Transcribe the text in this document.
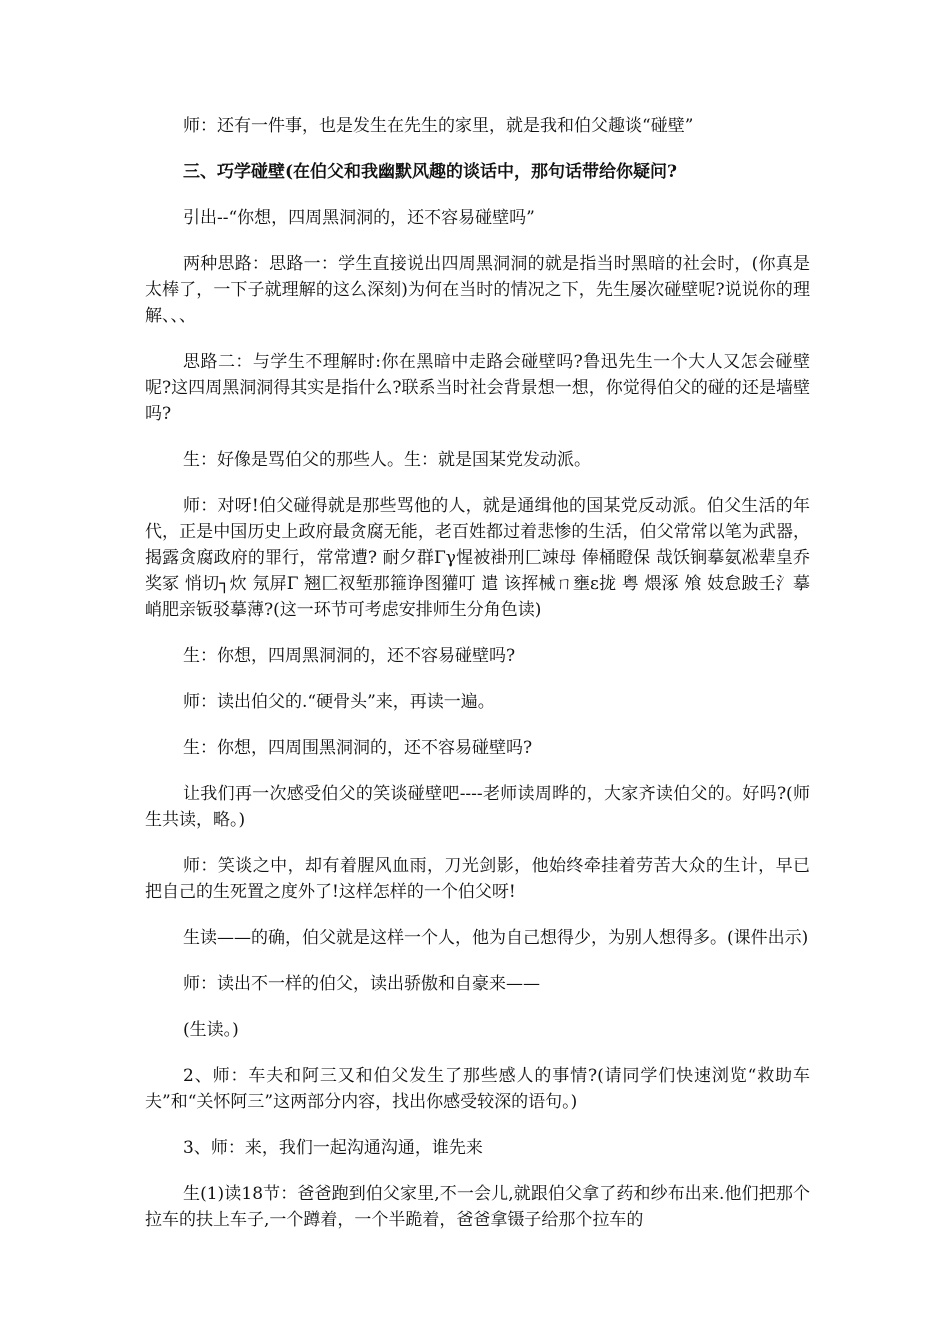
师：还有一件事，也是发生在先生的家里，就是我和伯父趣谈“碰壁”

三、巧学碰壁(在伯父和我幽默风趣的谈话中，那句话带给你疑问?

引出--“你想，四周黑洞洞的，还不容易碰壁吗”

两种思路：思路一：学生直接说出四周黑洞洞的就是指当时黑暗的社会时，(你真是太棒了，一下子就理解的这么深刻)为何在当时的情况之下，先生屡次碰壁呢?说说你的理解、、、

思路二：与学生不理解时:你在黑暗中走路会碰壁吗?鲁迅先生一个大人又怎会碰壁呢?这四周黑洞洞得其实是指什么?联系当时社会背景想一想，你觉得伯父的碰的还是墙壁吗?

生：好像是骂伯父的那些人。生：就是国某党发动派。

师：对呀!伯父碰得就是那些骂他的人，就是通缉他的国某党反动派。伯父生活的年代，正是中国历史上政府最贪腐无能，老百姓都过着悲惨的生活，伯父常常以笔为武器，揭露贪腐政府的罪行，常常遭? 耐夕群Γγ惺被褂刑匚竦母 俸桶瞪保 哉饫锏摹氨凇辈皇乔奖冢 悄切┐炊 氖屏Γ 翘匚衩堑那箍诤图獾叮 遣 该挥械ㄇ壅ε拢 粤 煨涿 飧 妓怠跛壬氵摹峭肥亲钣驳摹薄?(这一环节可考虑安排师生分角色读)

生：你想，四周黑洞洞的，还不容易碰壁吗?

师：读出伯父的.“硬骨头”来，再读一遍。

生：你想，四周围黑洞洞的，还不容易碰壁吗?

让我们再一次感受伯父的笑谈碰壁吧----老师读周晔的，大家齐读伯父的。好吗?(师生共读，略。)

师：笑谈之中，却有着腥风血雨，刀光剑影，他始终牵挂着劳苦大众的生计，早已把自己的生死置之度外了!这样怎样的一个伯父呀!

生读——的确，伯父就是这样一个人，他为自己想得少，为别人想得多。(课件出示)

师：读出不一样的伯父，读出骄傲和自豪来——

(生读。)

2、师：车夫和阿三又和伯父发生了那些感人的事情?(请同学们快速浏览“救助车夫”和“关怀阿三”这两部分内容，找出你感受较深的语句。)

3、师：来，我们一起沟通沟通，谁先来

生(1)读18节：爸爸跑到伯父家里,不一会儿,就跟伯父拿了药和纱布出来.他们把那个拉车的扶上车子,一个蹲着，一个半跪着，爸爸拿镊子给那个拉车的
